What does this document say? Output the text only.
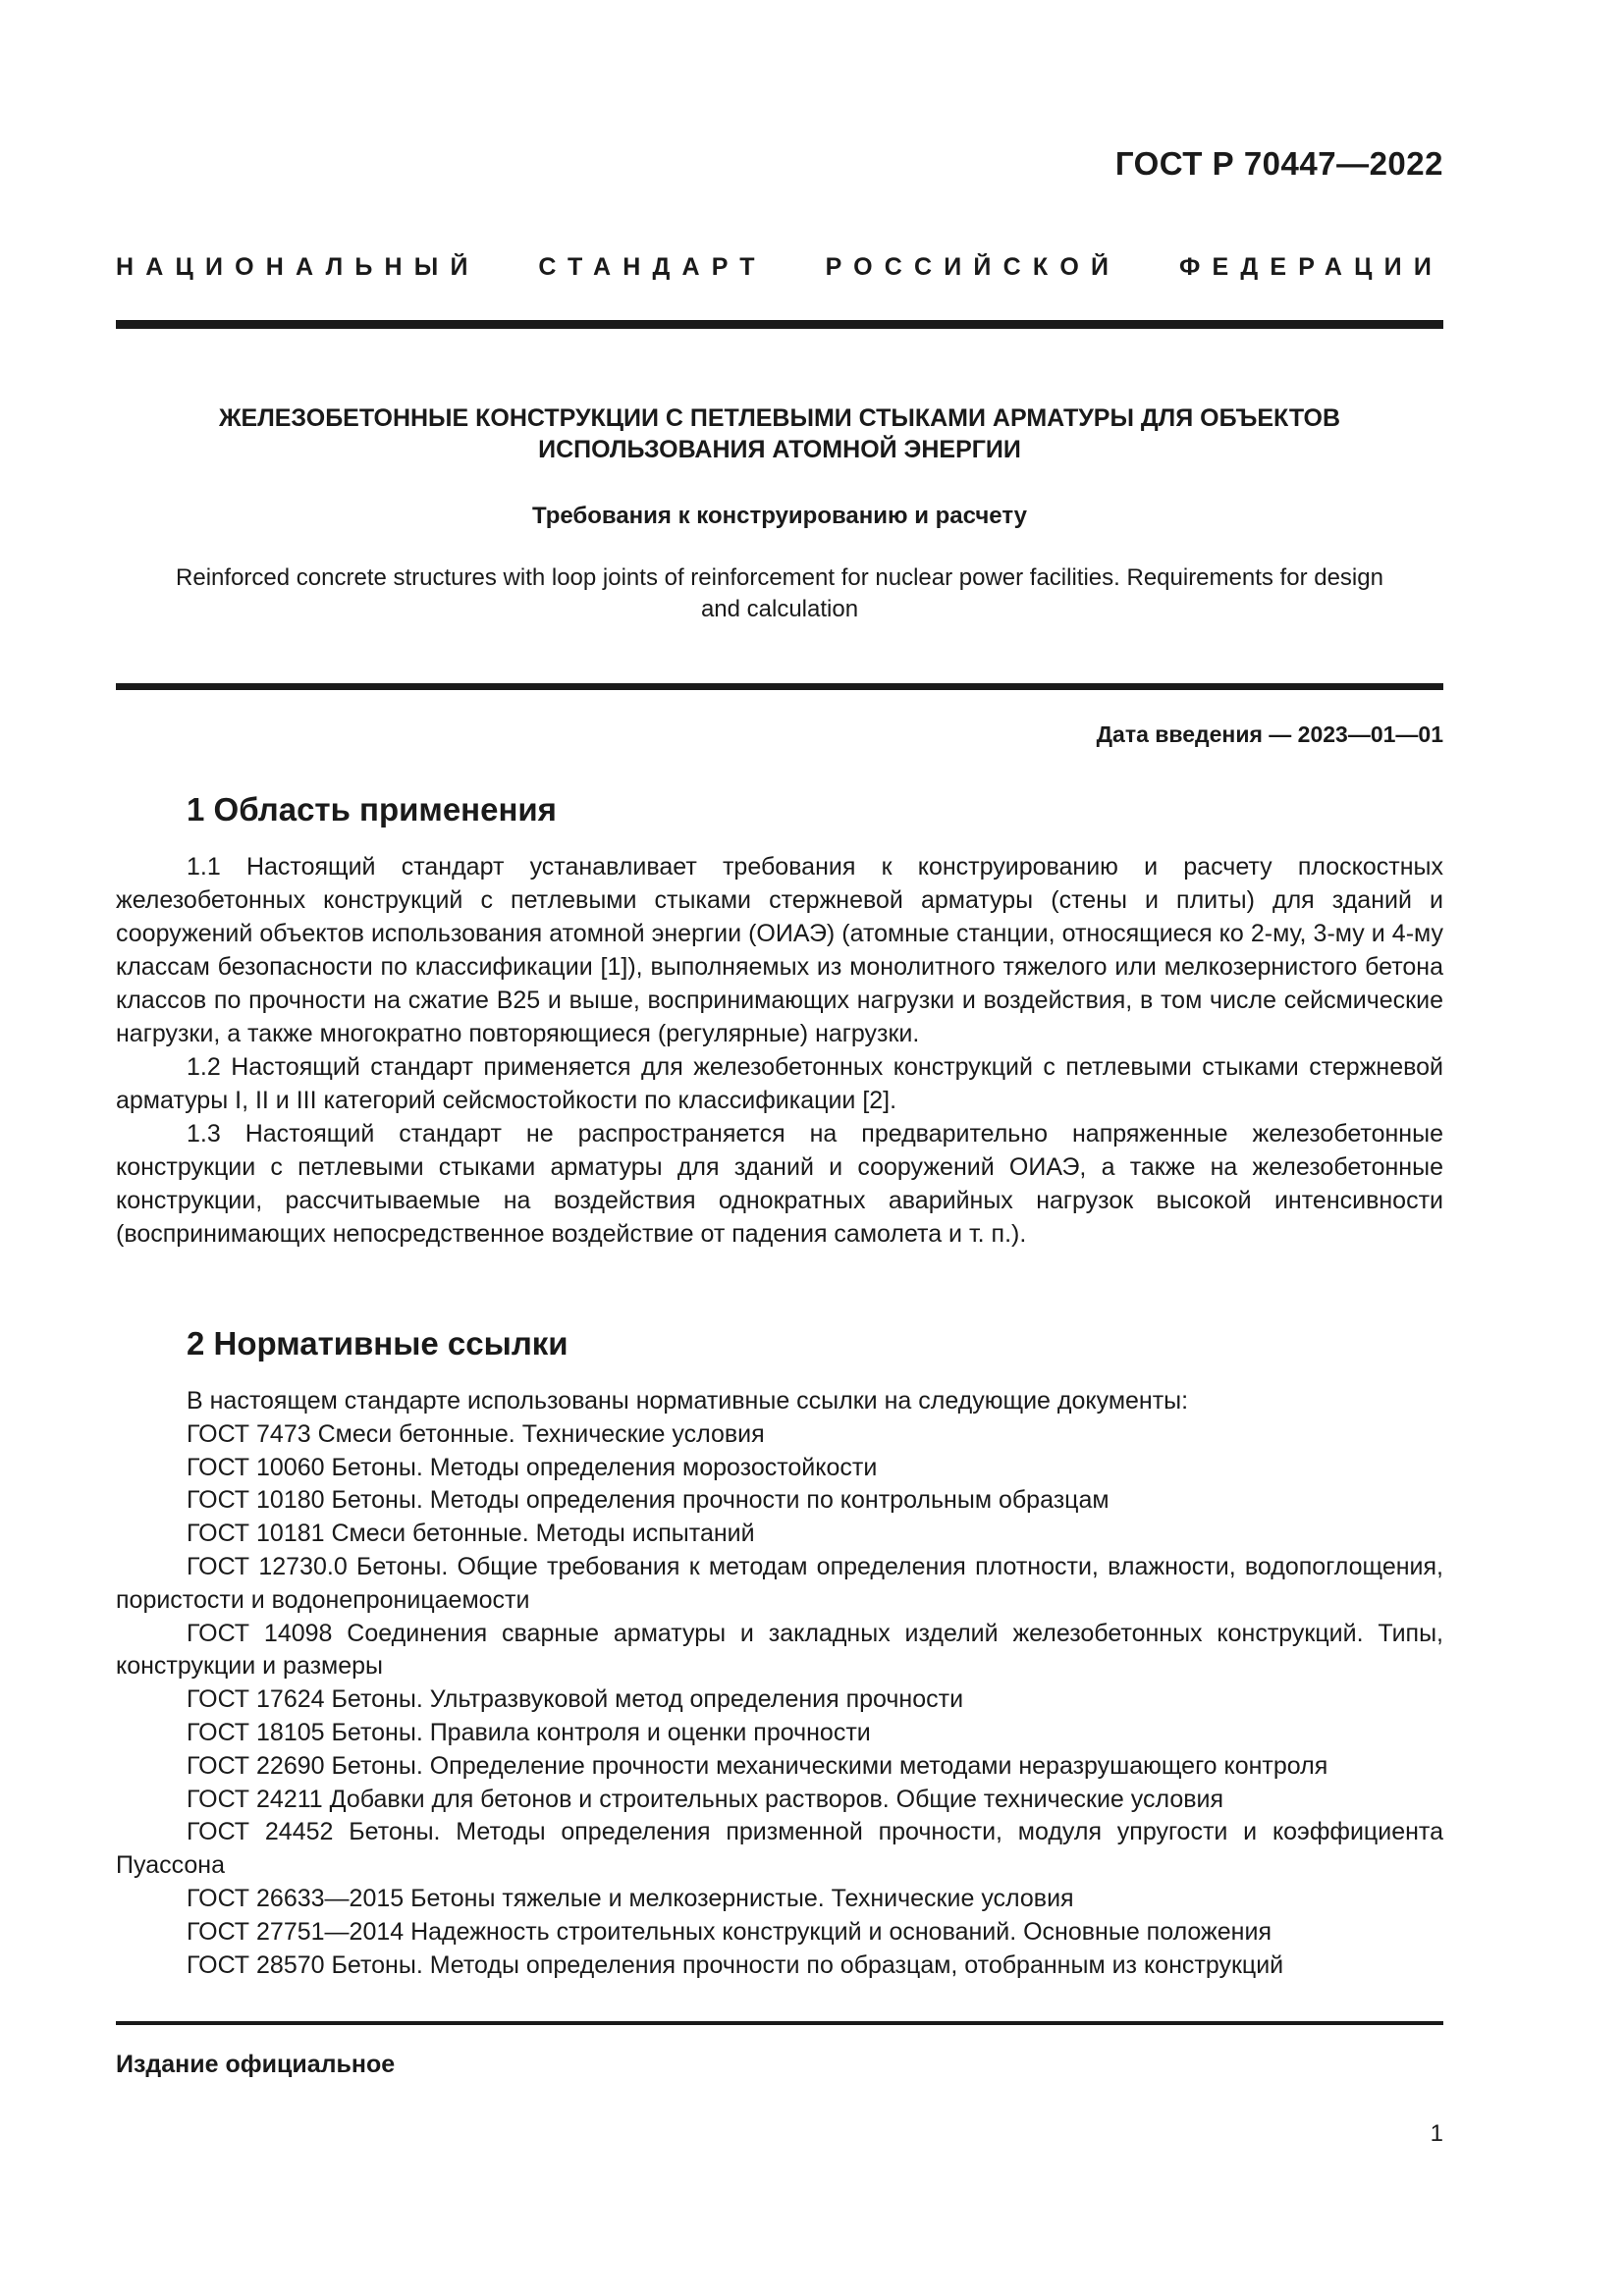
ГОСТ Р 70447—2022
НАЦИОНАЛЬНЫЙ СТАНДАРТ РОССИЙСКОЙ ФЕДЕРАЦИИ
ЖЕЛЕЗОБЕТОННЫЕ КОНСТРУКЦИИ С ПЕТЛЕВЫМИ СТЫКАМИ АРМАТУРЫ ДЛЯ ОБЪЕКТОВ
ИСПОЛЬЗОВАНИЯ АТОМНОЙ ЭНЕРГИИ
Требования к конструированию и расчету
Reinforced concrete structures with loop joints of reinforcement for nuclear power facilities. Requirements for design
and calculation
Дата введения — 2023—01—01
1 Область применения

1.1 Настоящий стандарт устанавливает требования к конструированию и расчету плоскостных железобетонных конструкций с петлевыми стыками стержневой арматуры (стены и плиты) для зданий и сооружений объектов использования атомной энергии (ОИАЭ) (атомные станции, относящиеся ко 2-му, 3-му и 4-му классам безопасности по классификации [1]), выполняемых из монолитного тяжелого или мелкозернистого бетона классов по прочности на сжатие В25 и выше, воспринимающих нагрузки и воздействия, в том числе сейсмические нагрузки, а также многократно повторяющиеся (регулярные) нагрузки.

1.2 Настоящий стандарт применяется для железобетонных конструкций с петлевыми стыками стержневой арматуры I, II и III категорий сейсмостойкости по классификации [2].

1.3 Настоящий стандарт не распространяется на предварительно напряженные железобетонные конструкции с петлевыми стыками арматуры для зданий и сооружений ОИАЭ, а также на железобетонные конструкции, рассчитываемые на воздействия однократных аварийных нагрузок высокой интенсивности (воспринимающих непосредственное воздействие от падения самолета и т. п.).

2 Нормативные ссылки

В настоящем стандарте использованы нормативные ссылки на следующие документы:

ГОСТ 7473 Смеси бетонные. Технические условия

ГОСТ 10060 Бетоны. Методы определения морозостойкости

ГОСТ 10180 Бетоны. Методы определения прочности по контрольным образцам

ГОСТ 10181 Смеси бетонные. Методы испытаний

ГОСТ 12730.0 Бетоны. Общие требования к методам определения плотности, влажности, водопоглощения, пористости и водонепроницаемости

ГОСТ 14098 Соединения сварные арматуры и закладных изделий железобетонных конструкций. Типы, конструкции и размеры

ГОСТ 17624 Бетоны. Ультразвуковой метод определения прочности

ГОСТ 18105 Бетоны. Правила контроля и оценки прочности

ГОСТ 22690 Бетоны. Определение прочности механическими методами неразрушающего контроля

ГОСТ 24211 Добавки для бетонов и строительных растворов. Общие технические условия

ГОСТ 24452 Бетоны. Методы определения призменной прочности, модуля упругости и коэффициента Пуассона

ГОСТ 26633—2015 Бетоны тяжелые и мелкозернистые. Технические условия

ГОСТ 27751—2014 Надежность строительных конструкций и оснований. Основные положения

ГОСТ 28570 Бетоны. Методы определения прочности по образцам, отобранным из конструкций

Издание официальное
1
